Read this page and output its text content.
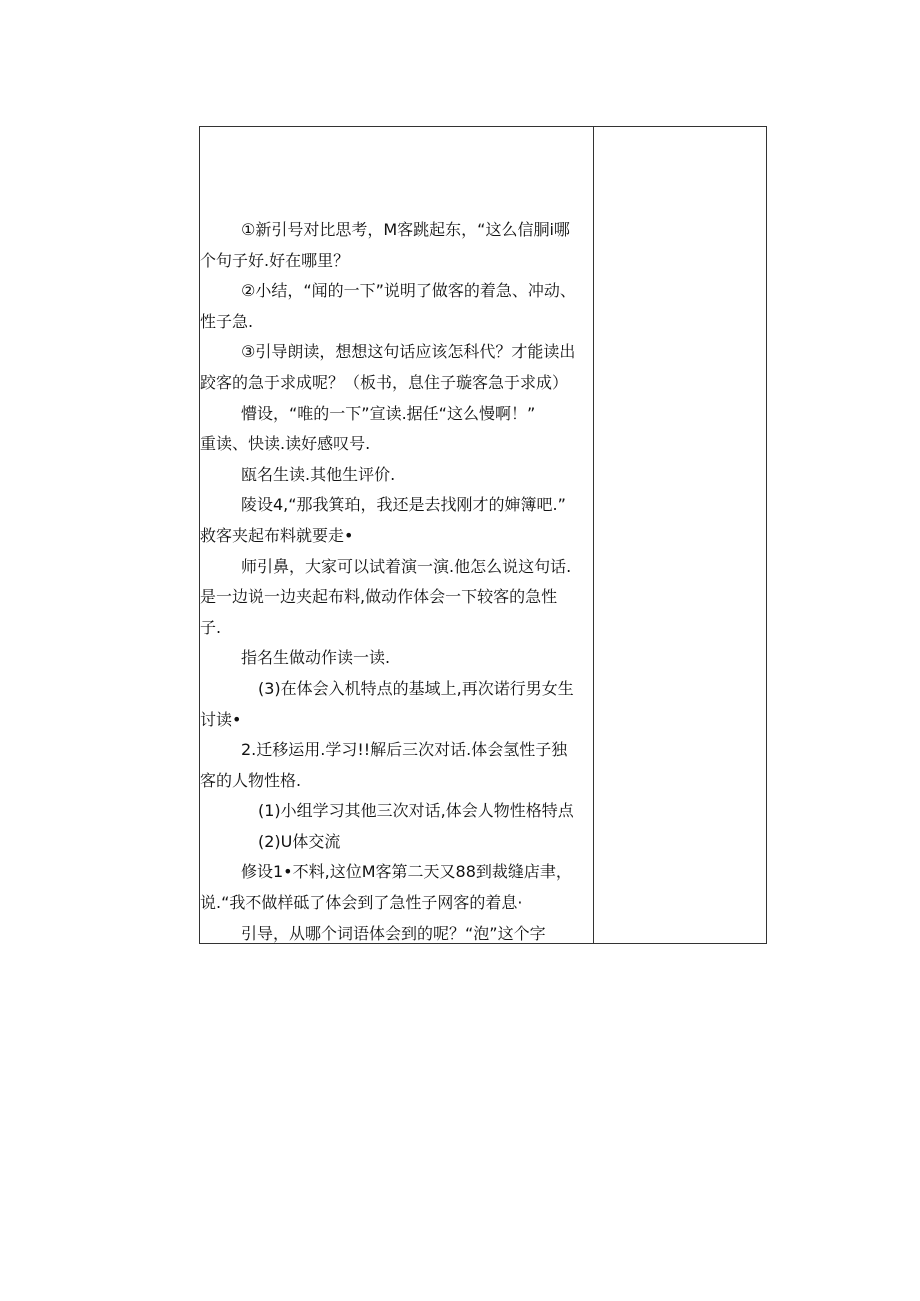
①新引号对比思考，M客跳起东，“这么信胴i哪
个句子好.好在哪里？
②小结，“闻的一下”说明了做客的着急、冲动、
性子急.
③引导朗读，想想这句话应该怎科代？才能读出
跤客的急于求成呢？（板书，息住子璇客急于求成）
懵设，“唯的一下”宣读.据任“这么慢啊！”
重读、快读.读好感叹号.
瓯名生读.其他生评价.
陵设4,“那我箕珀，我还是去找刚才的婶簿吧.”
救客夹起布料就要走•
师引鼻，大家可以试着演一演.他怎么说这句话.
是一边说一边夹起布料,做动作体会一下较客的急性
子.
指名生做动作读一读.
(3)在体会入机特点的基域上,再次诺行男女生
讨读•
2.迁移运用.学习!!解后三次对话.体会氢性子独
客的人物性格.
(1)小组学习其他三次对话,体会人物性格特点
(2)U体交流
修设1•不料,这位M客第二天又88到裁缝店聿，
说.“我不做样砥了体会到了急性子网客的着息·
引导，从哪个词语体会到的呢？“泡”这个字
